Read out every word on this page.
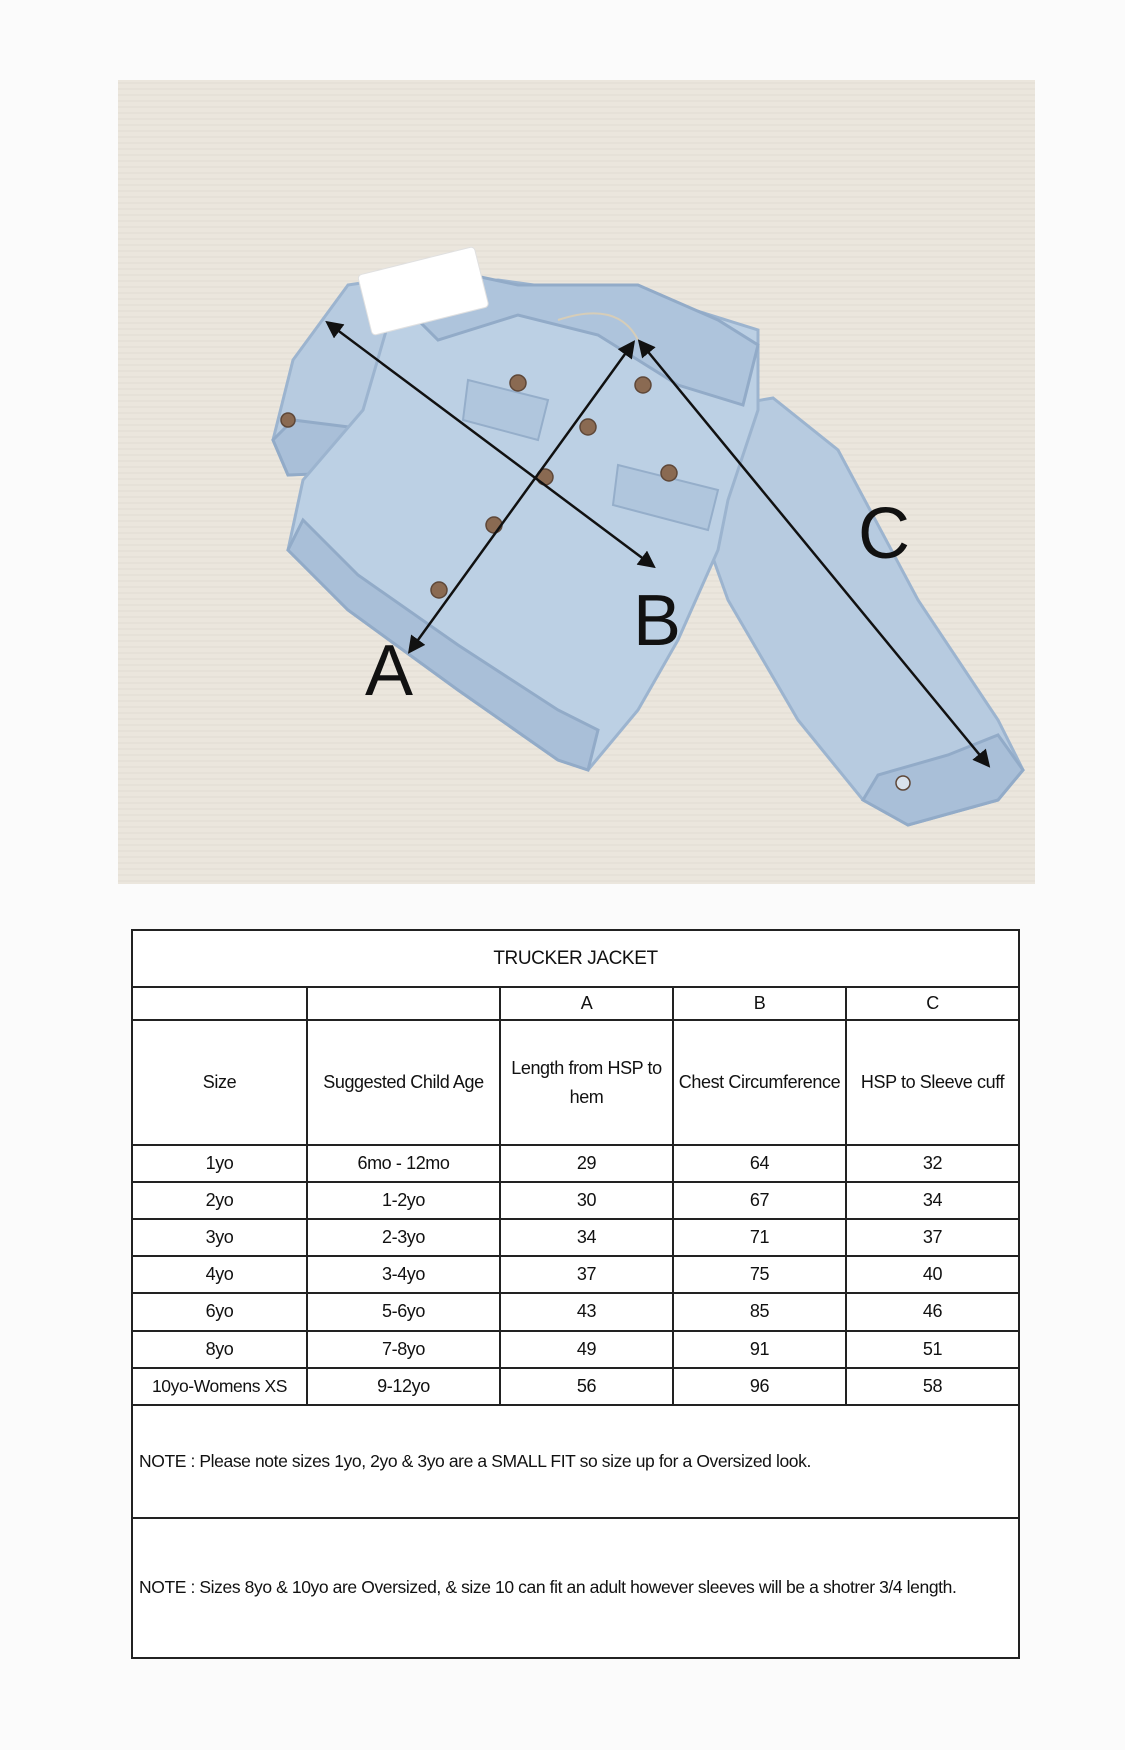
A
B
C
TRUCKER JACKET				
		A	B	C
Size	Suggested Child Age	Length from HSP to hem	Chest Circumference	HSP to Sleeve cuff
1yo	6mo - 12mo	29	64	32
2yo	1-2yo	30	67	34
3yo	2-3yo	34	71	37
4yo	3-4yo	37	75	40
6yo	5-6yo	43	85	46
8yo	7-8yo	49	91	51
10yo-Womens XS	9-12yo	56	96	58
NOTE : Please note sizes 1yo, 2yo & 3yo are a SMALL FIT so size up for a Oversized look.				
NOTE : Sizes 8yo & 10yo are Oversized, & size 10 can fit an adult however sleeves will be a shotrer 3/4 length.				
